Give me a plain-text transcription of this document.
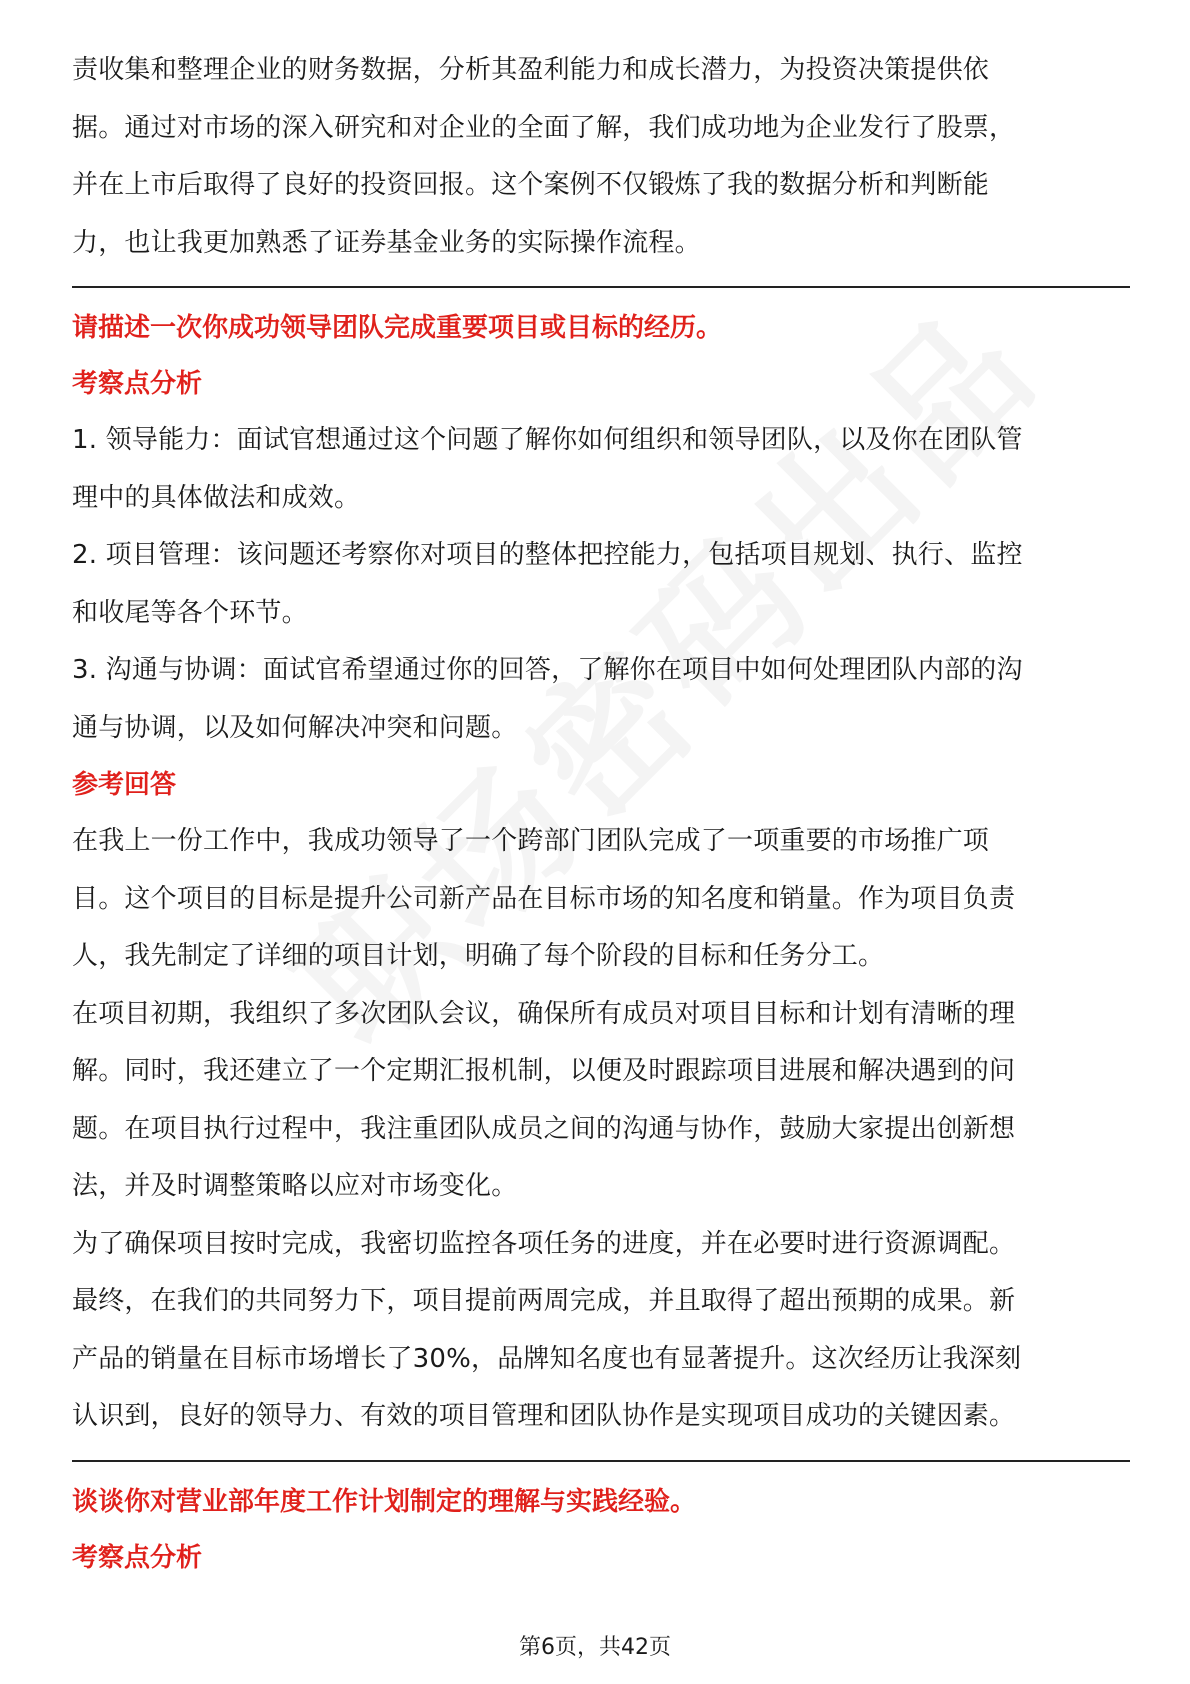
责收集和整理企业的财务数据，分析其盈利能力和成长潜力，为投资决策提供依

据。通过对市场的深入研究和对企业的全面了解，我们成功地为企业发行了股票，

并在上市后取得了良好的投资回报。这个案例不仅锻炼了我的数据分析和判断能

力，也让我更加熟悉了证券基金业务的实际操作流程。

请描述一次你成功领导团队完成重要项目或目标的经历。

考察点分析

1. 领导能力：面试官想通过这个问题了解你如何组织和领导团队，以及你在团队管

理中的具体做法和成效。

2. 项目管理：该问题还考察你对项目的整体把控能力，包括项目规划、执行、监控

和收尾等各个环节。

3. 沟通与协调：面试官希望通过你的回答，了解你在项目中如何处理团队内部的沟

通与协调，以及如何解决冲突和问题。

参考回答

在我上一份工作中，我成功领导了一个跨部门团队完成了一项重要的市场推广项

目。这个项目的目标是提升公司新产品在目标市场的知名度和销量。作为项目负责

人，我先制定了详细的项目计划，明确了每个阶段的目标和任务分工。

在项目初期，我组织了多次团队会议，确保所有成员对项目目标和计划有清晰的理

解。同时，我还建立了一个定期汇报机制，以便及时跟踪项目进展和解决遇到的问

题。在项目执行过程中，我注重团队成员之间的沟通与协作，鼓励大家提出创新想

法，并及时调整策略以应对市场变化。

为了确保项目按时完成，我密切监控各项任务的进度，并在必要时进行资源调配。

最终，在我们的共同努力下，项目提前两周完成，并且取得了超出预期的成果。新

产品的销量在目标市场增长了30%，品牌知名度也有显著提升。这次经历让我深刻

认识到，良好的领导力、有效的项目管理和团队协作是实现项目成功的关键因素。

谈谈你对营业部年度工作计划制定的理解与实践经验。

考察点分析

第6页，共42页
